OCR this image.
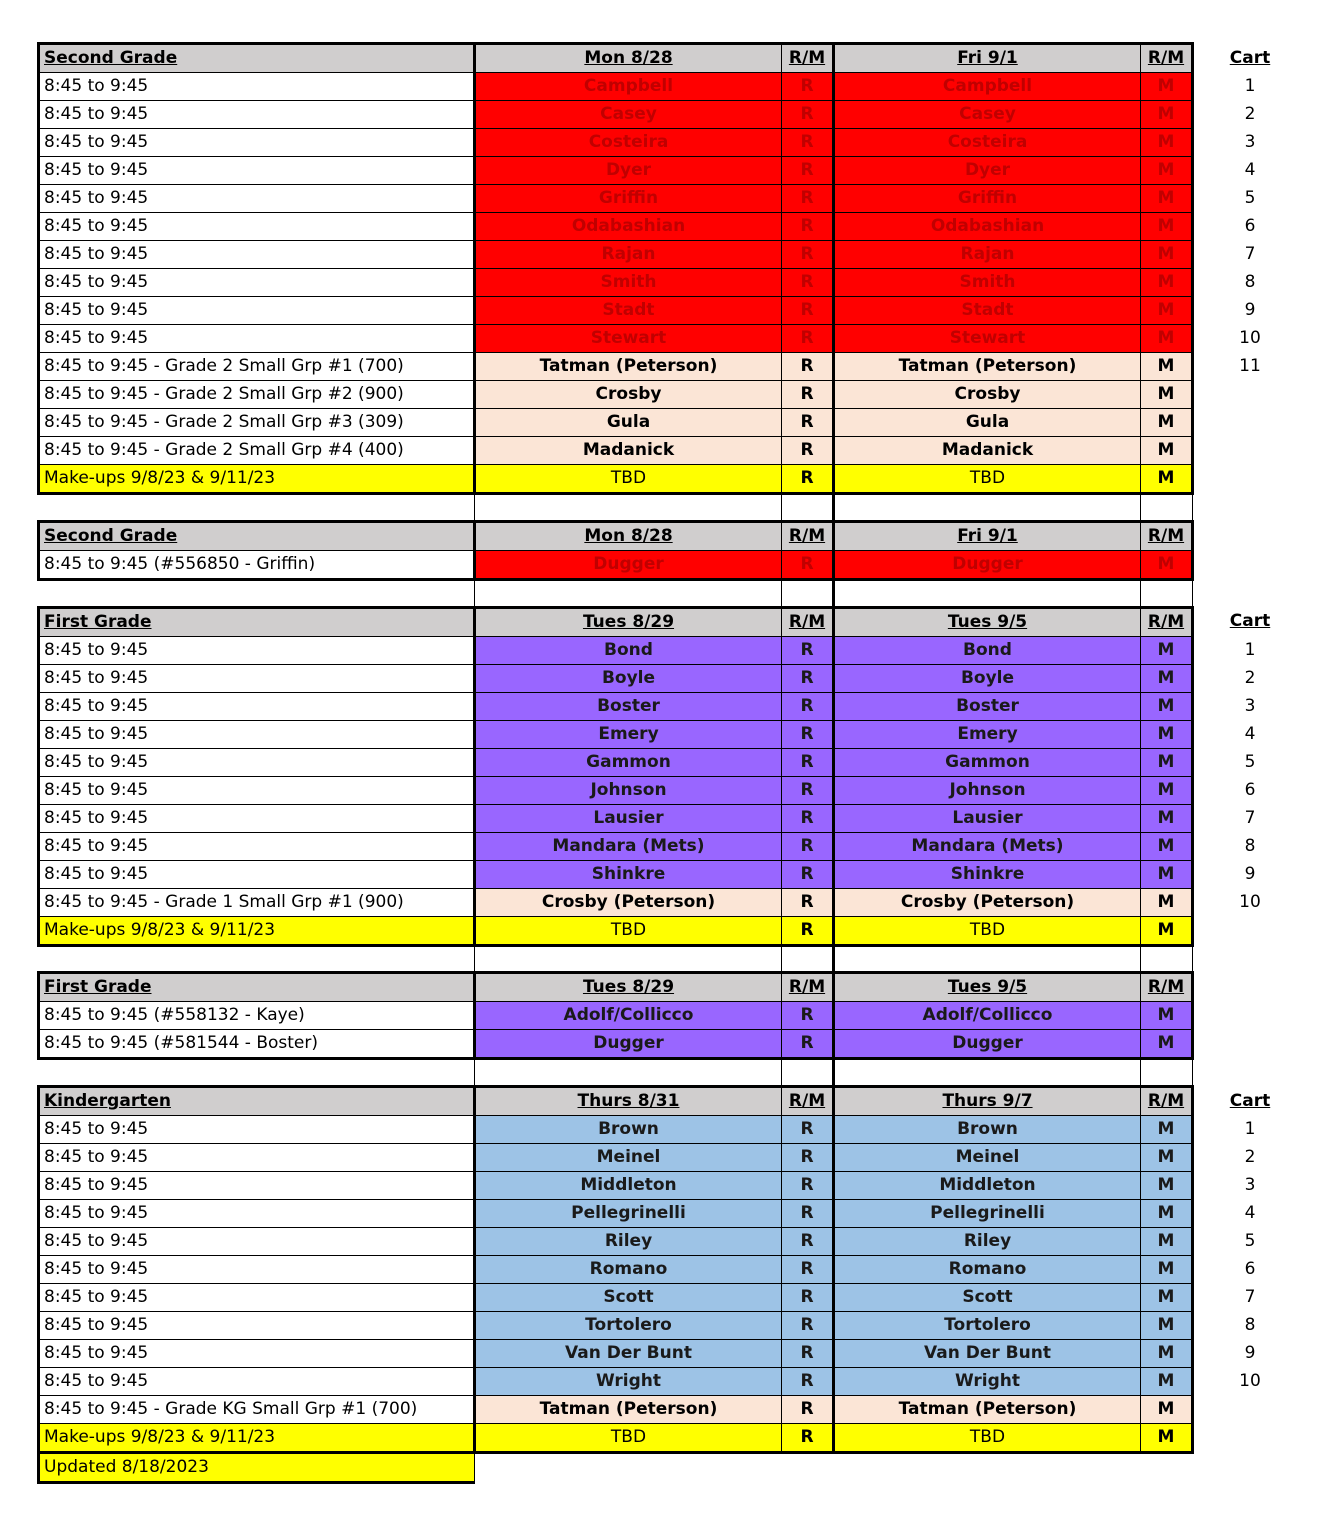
Second Grade	Mon 8/28	R/M	Fri 9/1	R/M	Cart
8:45 to 9:45	Campbell	R	Campbell	M	1
8:45 to 9:45	Casey	R	Casey	M	2
8:45 to 9:45	Costeira	R	Costeira	M	3
8:45 to 9:45	Dyer	R	Dyer	M	4
8:45 to 9:45	Griffin	R	Griffin	M	5
8:45 to 9:45	Odabashian	R	Odabashian	M	6
8:45 to 9:45	Rajan	R	Rajan	M	7
8:45 to 9:45	Smith	R	Smith	M	8
8:45 to 9:45	Stadt	R	Stadt	M	9
8:45 to 9:45	Stewart	R	Stewart	M	10
8:45 to 9:45 - Grade 2 Small Grp #1 (700)	Tatman (Peterson)	R	Tatman (Peterson)	M	11
8:45 to 9:45 - Grade 2 Small Grp #2 (900)	Crosby	R	Crosby	M	
8:45 to 9:45 - Grade 2 Small Grp #3 (309)	Gula	R	Gula	M	
8:45 to 9:45 - Grade 2 Small Grp #4 (400)	Madanick	R	Madanick	M	
Make-ups 9/8/23 & 9/11/23	TBD	R	TBD	M	

Second Grade	Mon 8/28	R/M	Fri 9/1	R/M	
8:45 to 9:45 (#556850 - Griffin)	Dugger	R	Dugger	M	

First Grade	Tues 8/29	R/M	Tues 9/5	R/M	Cart
8:45 to 9:45	Bond	R	Bond	M	1
8:45 to 9:45	Boyle	R	Boyle	M	2
8:45 to 9:45	Boster	R	Boster	M	3
8:45 to 9:45	Emery	R	Emery	M	4
8:45 to 9:45	Gammon	R	Gammon	M	5
8:45 to 9:45	Johnson	R	Johnson	M	6
8:45 to 9:45	Lausier	R	Lausier	M	7
8:45 to 9:45	Mandara (Mets)	R	Mandara (Mets)	M	8
8:45 to 9:45	Shinkre	R	Shinkre	M	9
8:45 to 9:45 - Grade 1 Small Grp #1 (900)	Crosby (Peterson)	R	Crosby (Peterson)	M	10
Make-ups 9/8/23 & 9/11/23	TBD	R	TBD	M	

First Grade	Tues 8/29	R/M	Tues 9/5	R/M	
8:45 to 9:45 (#558132 - Kaye)	Adolf/Collicco	R	Adolf/Collicco	M	
8:45 to 9:45 (#581544 - Boster)	Dugger	R	Dugger	M	

Kindergarten	Thurs 8/31	R/M	Thurs 9/7	R/M	Cart
8:45 to 9:45	Brown	R	Brown	M	1
8:45 to 9:45	Meinel	R	Meinel	M	2
8:45 to 9:45	Middleton	R	Middleton	M	3
8:45 to 9:45	Pellegrinelli	R	Pellegrinelli	M	4
8:45 to 9:45	Riley	R	Riley	M	5
8:45 to 9:45	Romano	R	Romano	M	6
8:45 to 9:45	Scott	R	Scott	M	7
8:45 to 9:45	Tortolero	R	Tortolero	M	8
8:45 to 9:45	Van Der Bunt	R	Van Der Bunt	M	9
8:45 to 9:45	Wright	R	Wright	M	10
8:45 to 9:45 - Grade KG Small Grp #1 (700)	Tatman (Peterson)	R	Tatman (Peterson)	M	
Make-ups 9/8/23 & 9/11/23	TBD	R	TBD	M	
Updated 8/18/2023					
